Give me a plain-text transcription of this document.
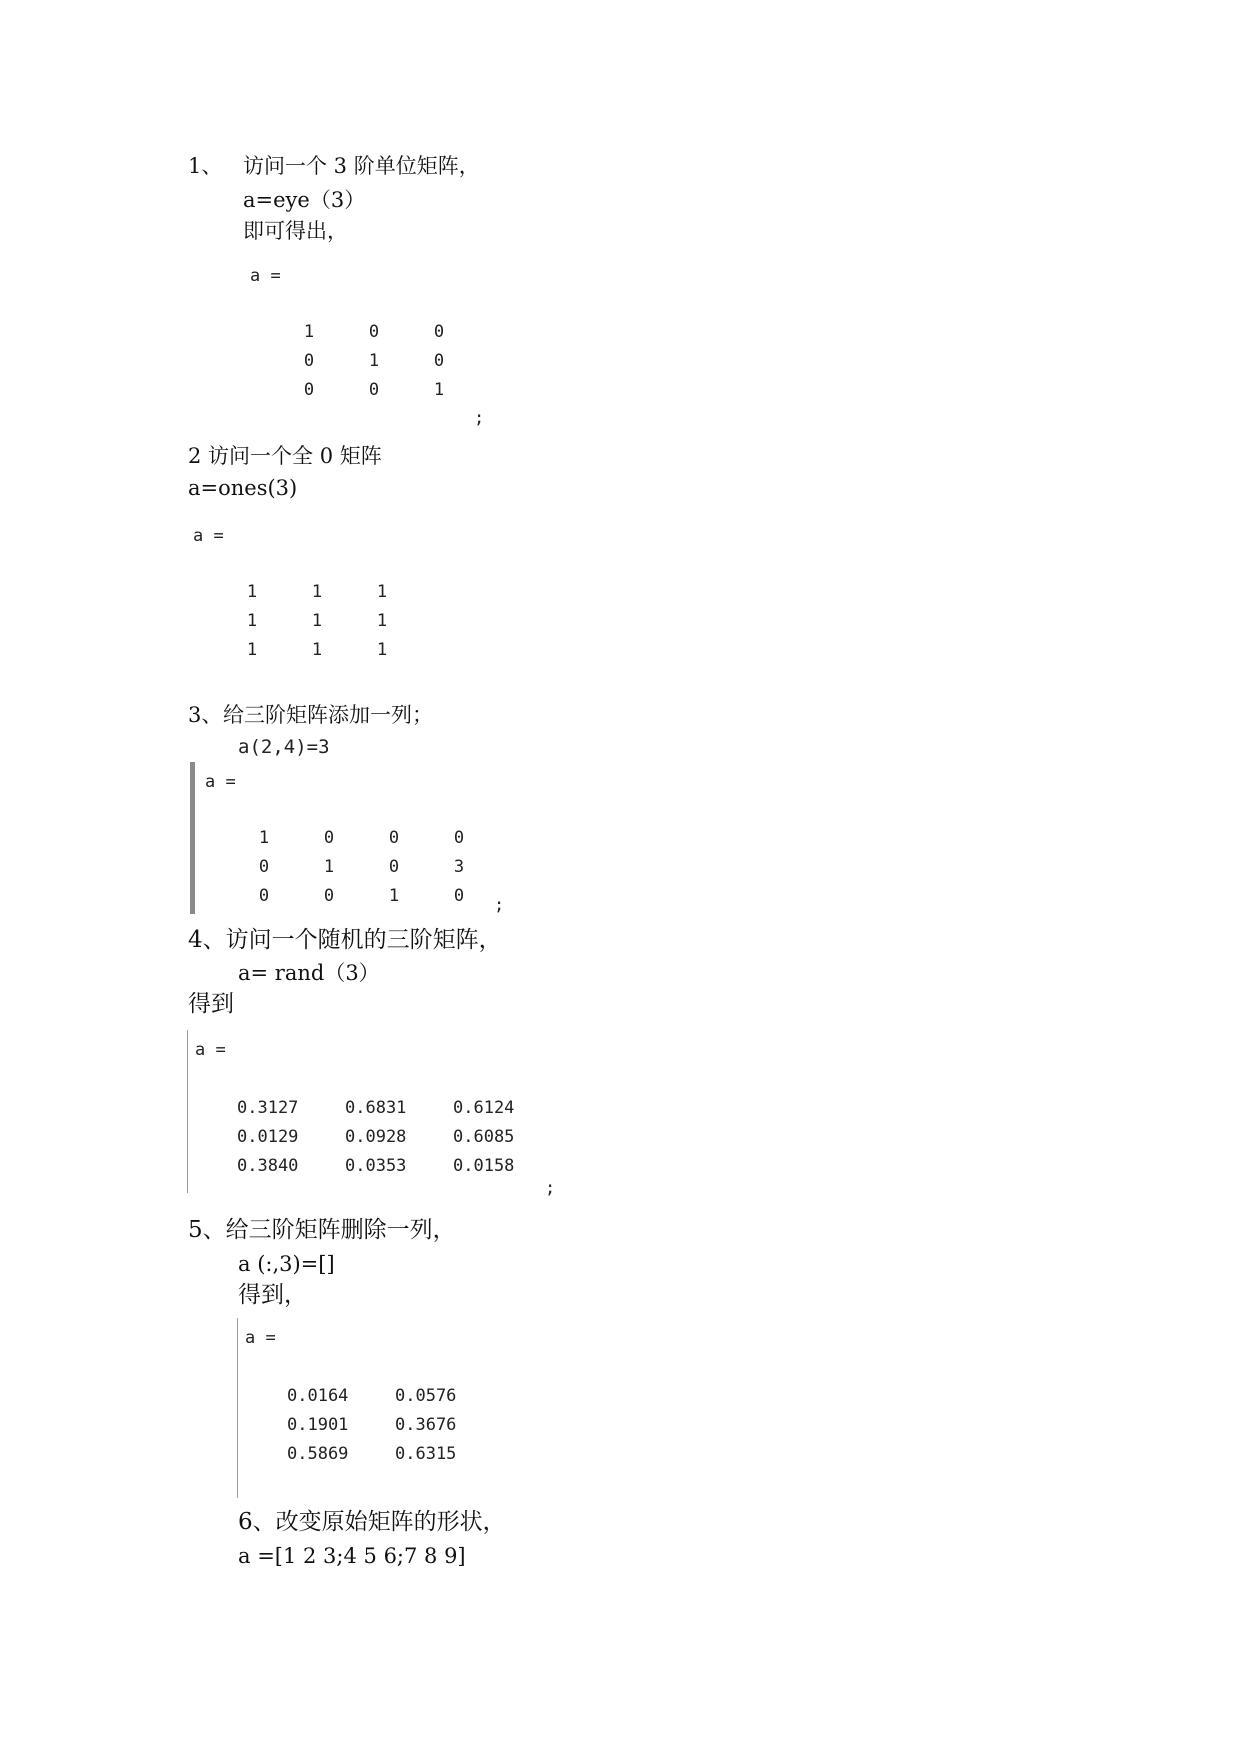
1、 访问一个 3 阶单位矩阵，
a=eye（3）
即可得出，
a =
1	0	0
0	1	0
0	0	1
;
2 访问一个全 0 矩阵
a=ones(3)
a =
1	1	1
1	1	1
1	1	1
3、 给三阶矩阵添加一列；
a(2,4)=3
a =
1	0	0	0
0	1	0	3
0	0	1	0	;
4、访问一个随机的三阶矩阵，
a= rand（3）
得到
a =
0.3127	0.6831	0.6124
0.0129	0.0928	0.6085
0.3840	0.0353	0.0158
;
5、给三阶矩阵删除一列，
a (:,3)=[]
得到，
a =
0.0164	0.0576
0.1901	0.3676
0.5869	0.6315
6、改变原始矩阵的形状，
a =[1 2 3;4 5 6;7 8 9]
